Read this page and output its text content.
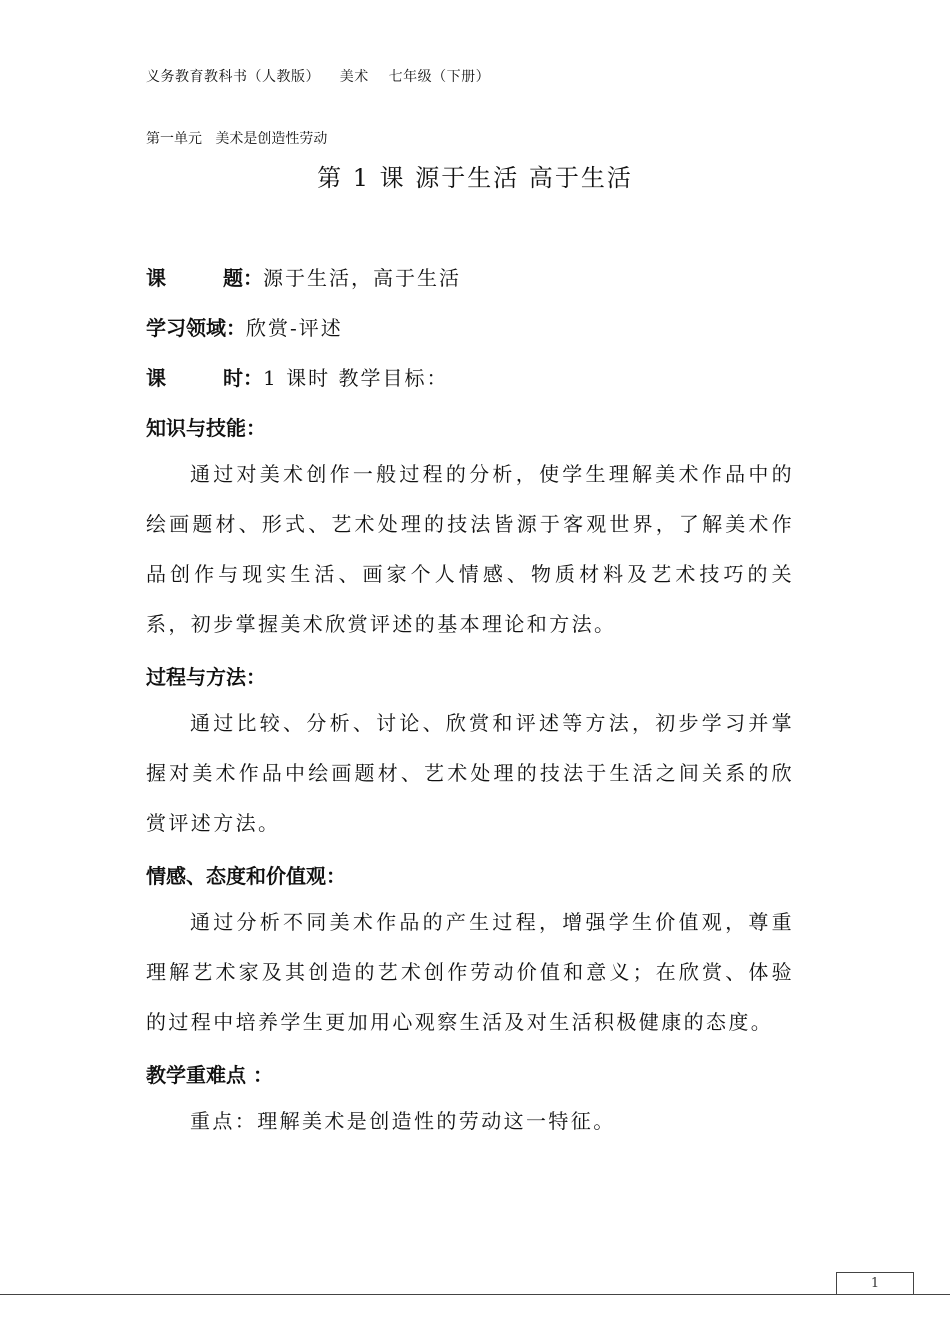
义务教育教科书（人教版）    美术    七年级（下册）
第一单元   美术是创造性劳动
第 1 课 源于生活 高于生活
课	题： 源于生活，高于生活
学习领域：欣赏-评述
课	时： 1 课时 教学目标：
知识与技能：
通过对美术创作一般过程的分析，使学生理解美术作品中的绘画题材、形式、艺术处理的技法皆源于客观世界，了解美术作品创作与现实生活、画家个人情感、物质材料及艺术技巧的关系，初步掌握美术欣赏评述的基本理论和方法。
过程与方法：
通过比较、分析、讨论、欣赏和评述等方法，初步学习并掌握对美术作品中绘画题材、艺术处理的技法于生活之间关系的欣赏评述方法。
情感、态度和价值观：
通过分析不同美术作品的产生过程，增强学生价值观，尊重理解艺术家及其创造的艺术创作劳动价值和意义；在欣赏、体验的过程中培养学生更加用心观察生活及对生活积极健康的态度。
教学重难点 ：
重点：理解美术是创造性的劳动这一特征。
1
